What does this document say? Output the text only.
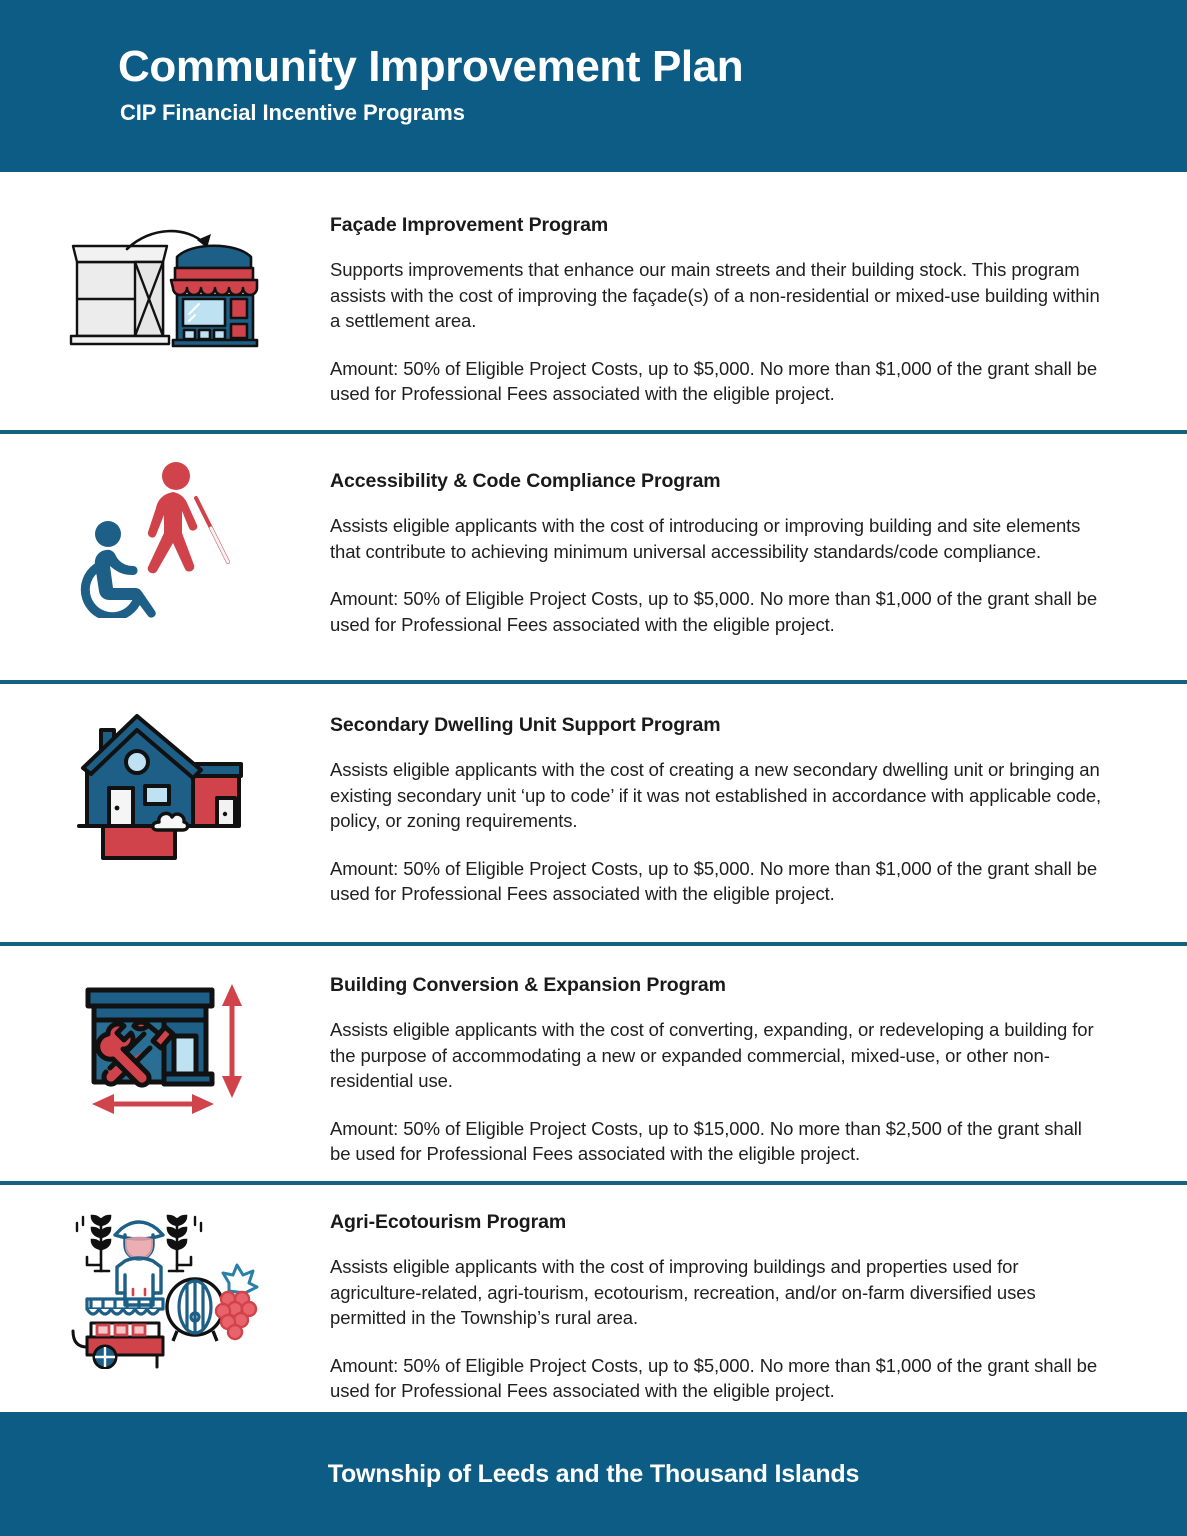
Community Improvement Plan
CIP Financial Incentive Programs
Façade Improvement Program
Supports improvements that enhance our main streets and their building stock. This program assists with the cost of improving the façade(s) of a non-residential or mixed-use building within a settlement area.
Amount: 50% of Eligible Project Costs, up to $5,000. No more than $1,000 of the grant shall be used for Professional Fees associated with the eligible project.
Accessibility & Code Compliance Program
Assists eligible applicants with the cost of introducing or improving building and site elements that contribute to achieving minimum universal accessibility standards/code compliance.
Amount: 50% of Eligible Project Costs, up to $5,000. No more than $1,000 of the grant shall be used for Professional Fees associated with the eligible project.
Secondary Dwelling Unit Support Program
Assists eligible applicants with the cost of creating a new secondary dwelling unit or bringing an existing secondary unit ‘up to code’ if it was not established in accordance with applicable code, policy, or zoning requirements.
Amount: 50% of Eligible Project Costs, up to $5,000. No more than $1,000 of the grant shall be used for Professional Fees associated with the eligible project.
Building Conversion & Expansion Program
Assists eligible applicants with the cost of converting, expanding, or redeveloping a building for the purpose of accommodating a new or expanded commercial, mixed-use, or other non-residential use.
Amount: 50% of Eligible Project Costs, up to $15,000. No more than $2,500 of the grant shall be used for Professional Fees associated with the eligible project.
Agri-Ecotourism Program
Assists eligible applicants with the cost of improving buildings and properties used for agriculture-related, agri-tourism, ecotourism, recreation, and/or on-farm diversified uses permitted in the Township’s rural area.
Amount: 50% of Eligible Project Costs, up to $5,000. No more than $1,000 of the grant shall be used for Professional Fees associated with the eligible project.
Township of Leeds and the Thousand Islands
